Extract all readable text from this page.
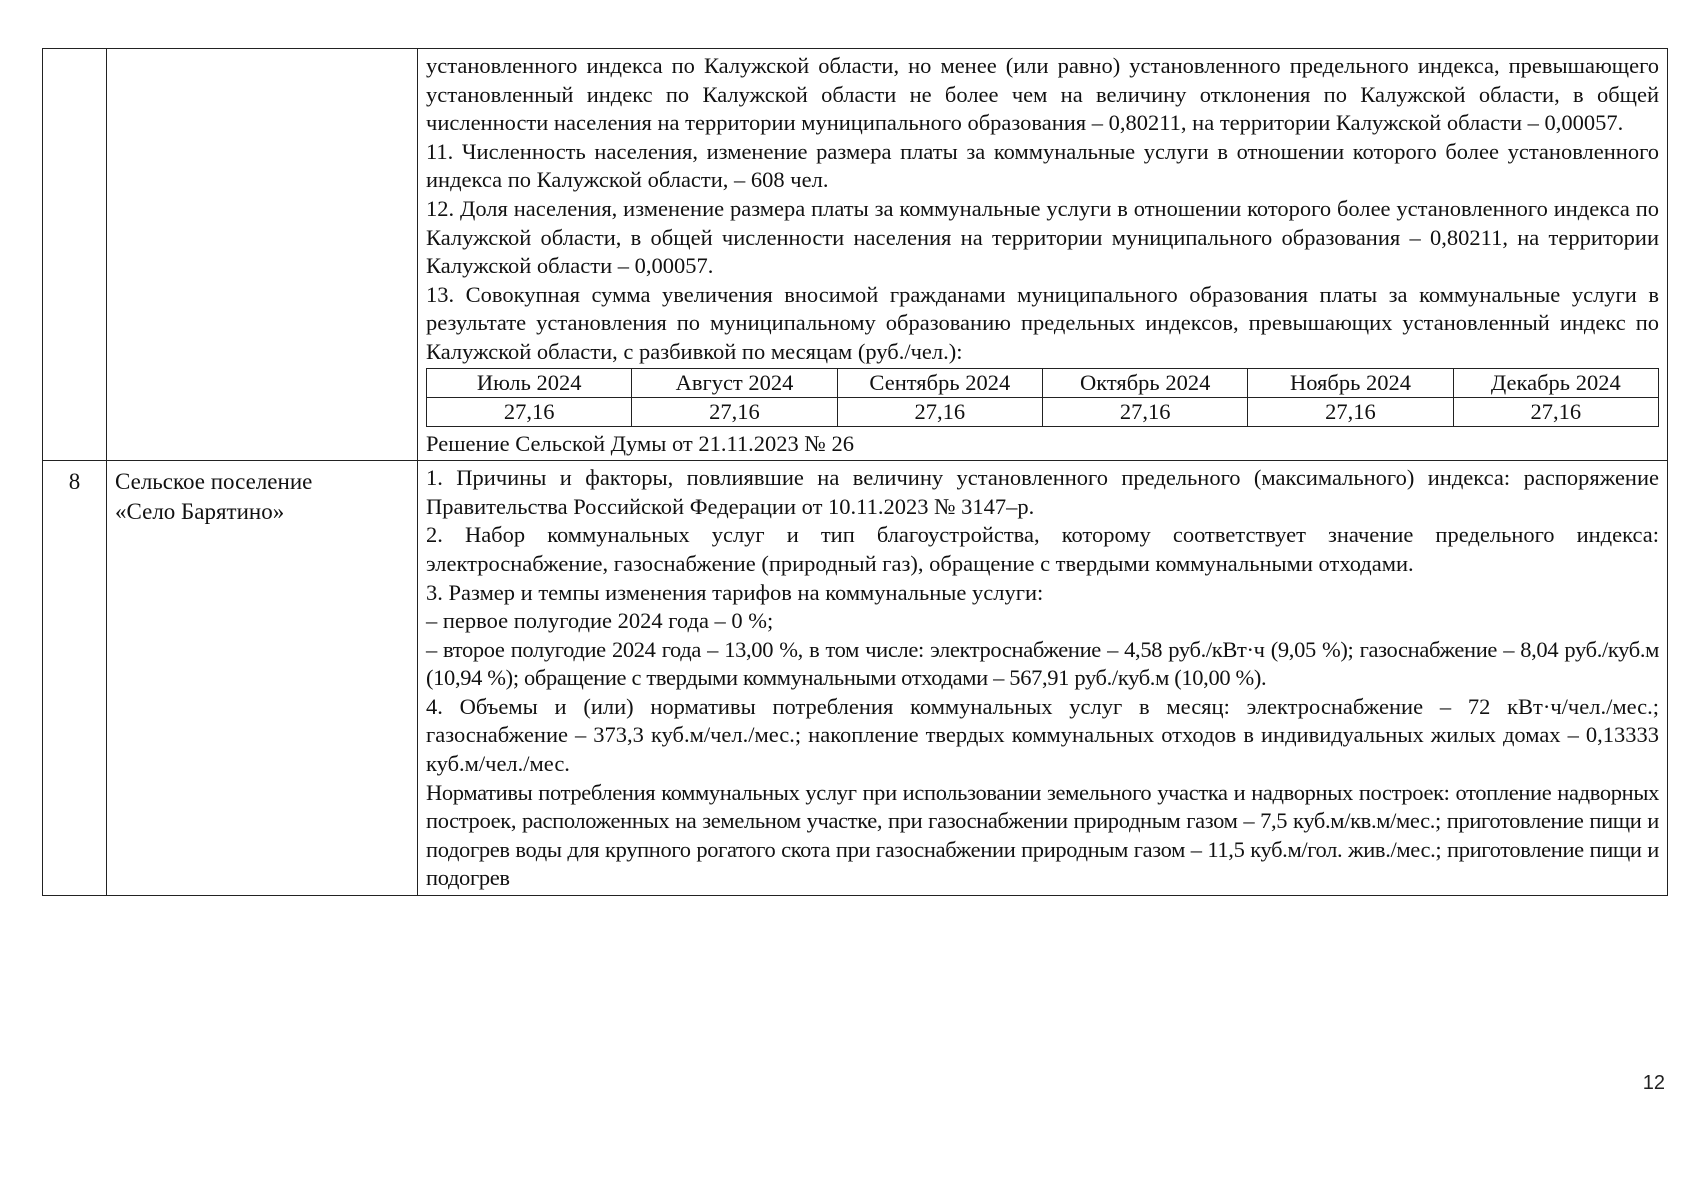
установленного индекса по Калужской области, но менее (или равно) установленного предельного индекса, превышающего установленный индекс по Калужской области не более чем на величину отклонения по Калужской области, в общей численности населения на территории муниципального образования – 0,80211, на территории Калужской области – 0,00057.

11. Численность населения, изменение размера платы за коммунальные услуги в отношении которого более установленного индекса по Калужской области, – 608 чел.

12. Доля населения, изменение размера платы за коммунальные услуги в отношении которого более установленного индекса по Калужской области, в общей численности населения на территории муниципального образования – 0,80211, на территории Калужской области – 0,00057.

13. Совокупная сумма увеличения вносимой гражданами муниципального образования платы за коммунальные услуги в результате установления по муниципальному образованию предельных индексов, превышающих установленный индекс по Калужской области, с разбивкой по месяцам (руб./чел.):

Июль 2024	Август 2024	Сентябрь 2024	Октябрь 2024	Ноябрь 2024	Декабрь 2024
27,16	27,16	27,16	27,16	27,16	27,16

Решение Сельской Думы от 21.11.2023 № 26

8	Сельское поселение
«Село Барятино»

1. Причины и факторы, повлиявшие на величину установленного предельного (максимального) индекса: распоряжение Правительства Российской Федерации от 10.11.2023 № 3147–р.

2. Набор коммунальных услуг и тип благоустройства, которому соответствует значение предельного индекса: электроснабжение, газоснабжение (природный газ), обращение с твердыми коммунальными отходами.

3. Размер и темпы изменения тарифов на коммунальные услуги:

– первое полугодие 2024 года – 0 %;

– второе полугодие 2024 года – 13,00 %, в том числе: электроснабжение – 4,58 руб./кВт·ч (9,05 %); газоснабжение – 8,04 руб./куб.м (10,94 %); обращение с твердыми коммунальными отходами – 567,91 руб./куб.м (10,00 %).

4. Объемы и (или) нормативы потребления коммунальных услуг в месяц: электроснабжение – 72 кВт·ч/чел./мес.; газоснабжение – 373,3 куб.м/чел./мес.; накопление твердых коммунальных отходов в индивидуальных жилых домах – 0,13333 куб.м/чел./мес.

Нормативы потребления коммунальных услуг при использовании земельного участка и надворных построек: отопление надворных построек, расположенных на земельном участке, при газоснабжении природным газом – 7,5 куб.м/кв.м/мес.; приготовление пищи и подогрев воды для крупного рогатого скота при газоснабжении природным газом – 11,5 куб.м/гол. жив./мес.; приготовление пищи и подогрев

12
